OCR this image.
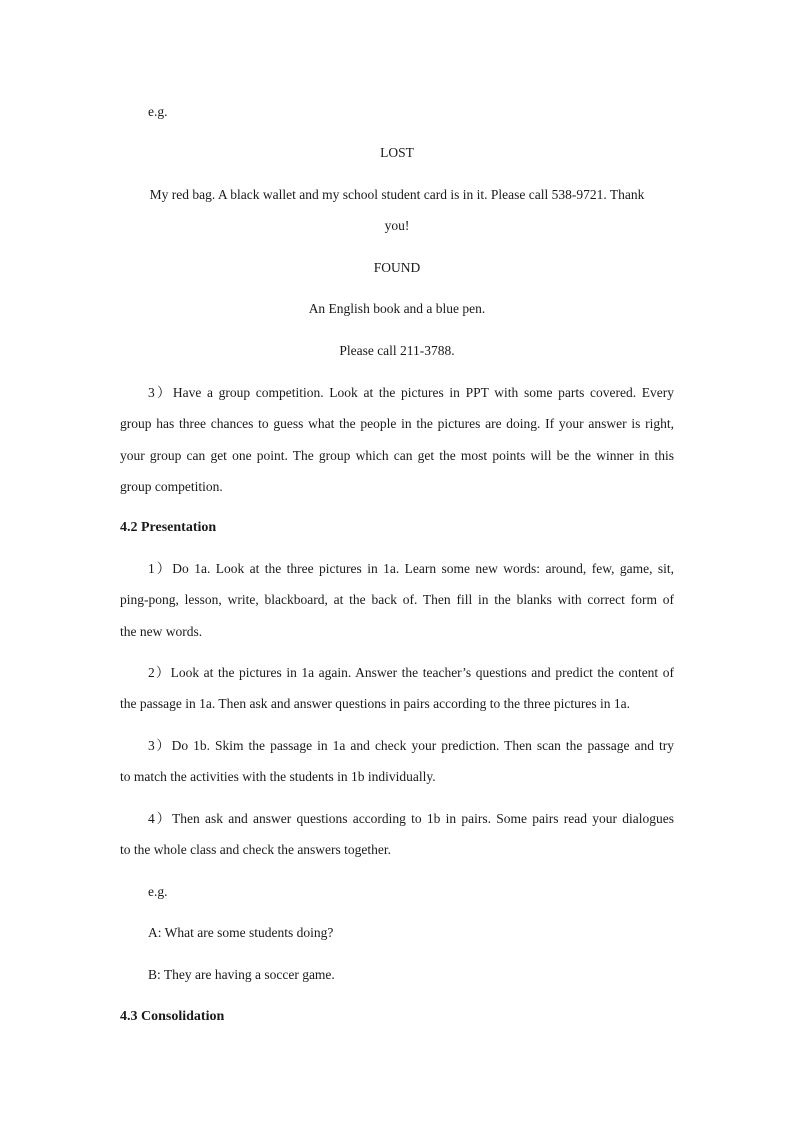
e.g.
LOST
My red bag. A black wallet and my school student card is in it. Please call 538-9721. Thank
you!
FOUND
An English book and a blue pen.
Please call 211-3788.
3）Have a group competition. Look at the pictures in PPT with some parts covered. Every
group has three chances to guess what the people in the pictures are doing. If your answer is right,
your group can get one point. The group which can get the most points will be the winner in this
group competition.
4.2 Presentation
1）Do 1a. Look at the three pictures in 1a. Learn some new words: around, few, game, sit,
ping-pong, lesson, write, blackboard, at the back of. Then fill in the blanks with correct form of
the new words.
2）Look at the pictures in 1a again. Answer the teacher’s questions and predict the content of
the passage in 1a. Then ask and answer questions in pairs according to the three pictures in 1a.
3）Do 1b. Skim the passage in 1a and check your prediction. Then scan the passage and try
to match the activities with the students in 1b individually.
4）Then ask and answer questions according to 1b in pairs. Some pairs read your dialogues
to the whole class and check the answers together.
e.g.
A: What are some students doing?
B: They are having a soccer game.
4.3 Consolidation
